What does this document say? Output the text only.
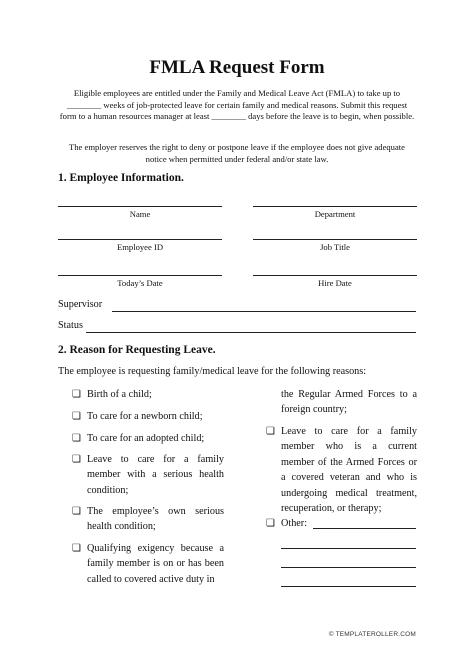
FMLA Request Form
Eligible employees are entitled under the Family and Medical Leave Act (FMLA) to take up to ________ weeks of job-protected leave for certain family and medical reasons. Submit this request form to a human resources manager at least ________ days before the leave is to begin, when possible.
The employer reserves the right to deny or postpone leave if the employee does not give adequate notice when permitted under federal and/or state law.
1. Employee Information.
Name	Department
Employee ID	Job Title
Today’s Date	Hire Date
Supervisor
Status
2. Reason for Requesting Leave.
The employee is requesting family/medical leave for the following reasons:
❏ Birth of a child;
❏ To care for a newborn child;
❏ To care for an adopted child;
❏ Leave to care for a family member with a serious health condition;
❏ The employee’s own serious health condition;
❏ Qualifying exigency because a family member is on or has been called to covered active duty in
the Regular Armed Forces to a foreign country;
❏ Leave to care for a family member who is a current member of the Armed Forces or a covered veteran and who is undergoing medical treatment, recuperation, or therapy;
❏ Other:
© TEMPLATEROLLER.COM
